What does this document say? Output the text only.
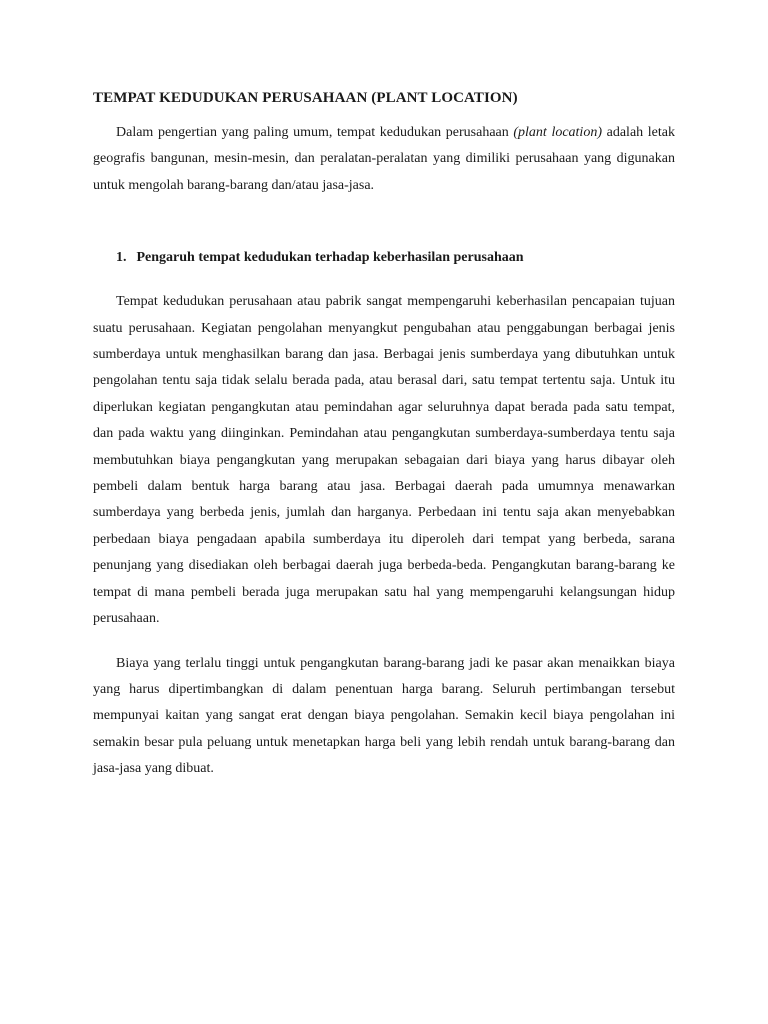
TEMPAT KEDUDUKAN PERUSAHAAN (PLANT LOCATION)

Dalam pengertian yang paling umum, tempat kedudukan perusahaan (plant location) adalah letak geografis bangunan, mesin-mesin, dan peralatan-peralatan yang dimiliki perusahaan yang digunakan untuk mengolah barang-barang dan/atau jasa-jasa.

1. Pengaruh tempat kedudukan terhadap keberhasilan perusahaan

Tempat kedudukan perusahaan atau pabrik sangat mempengaruhi keberhasilan pencapaian tujuan suatu perusahaan. Kegiatan pengolahan menyangkut pengubahan atau penggabungan berbagai jenis sumberdaya untuk menghasilkan barang dan jasa. Berbagai jenis sumberdaya yang dibutuhkan untuk pengolahan tentu saja tidak selalu berada pada, atau berasal dari, satu tempat tertentu saja. Untuk itu diperlukan kegiatan pengangkutan atau pemindahan agar seluruhnya dapat berada pada satu tempat, dan pada waktu yang diinginkan. Pemindahan atau pengangkutan sumberdaya-sumberdaya tentu saja membutuhkan biaya pengangkutan yang merupakan sebagaian dari biaya yang harus dibayar oleh pembeli dalam bentuk harga barang atau jasa. Berbagai daerah pada umumnya menawarkan sumberdaya yang berbeda jenis, jumlah dan harganya. Perbedaan ini tentu saja akan menyebabkan perbedaan biaya pengadaan apabila sumberdaya itu diperoleh dari tempat yang berbeda, sarana penunjang yang disediakan oleh berbagai daerah juga berbeda-beda. Pengangkutan barang-barang ke tempat di mana pembeli berada juga merupakan satu hal yang mempengaruhi kelangsungan hidup perusahaan.

Biaya yang terlalu tinggi untuk pengangkutan barang-barang jadi ke pasar akan menaikkan biaya yang harus dipertimbangkan di dalam penentuan harga barang. Seluruh pertimbangan tersebut mempunyai kaitan yang sangat erat dengan biaya pengolahan. Semakin kecil biaya pengolahan ini semakin besar pula peluang untuk menetapkan harga beli yang lebih rendah untuk barang-barang dan jasa-jasa yang dibuat.
